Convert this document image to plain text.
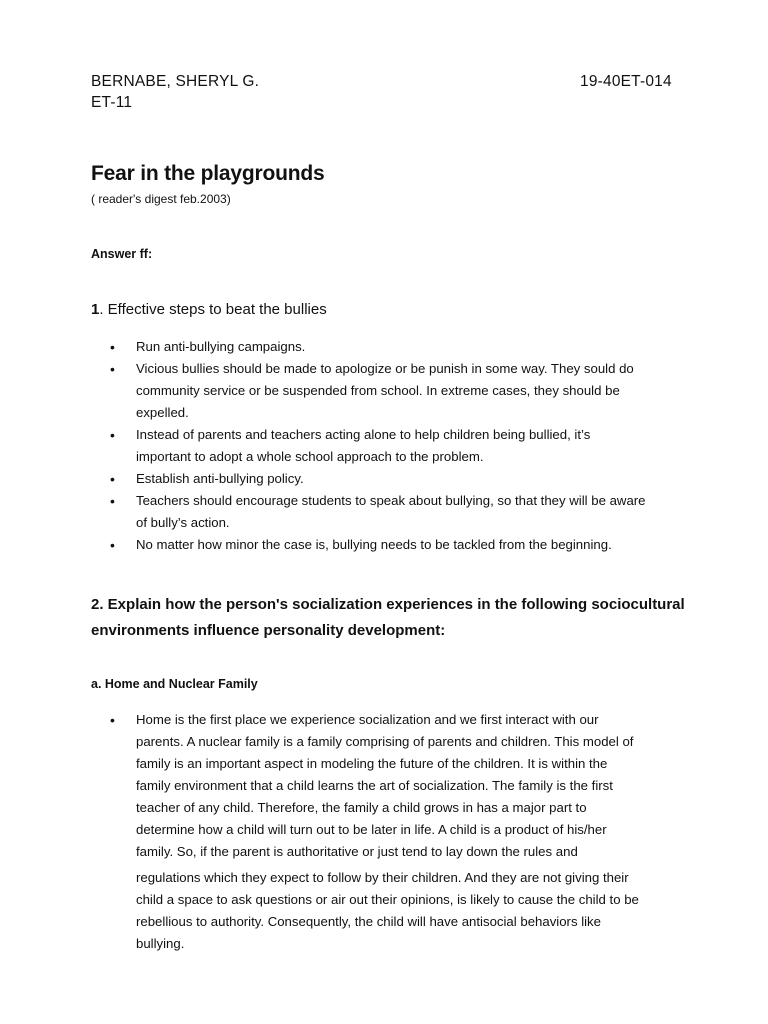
BERNABE, SHERYL G.	19-40ET-014
ET-11
Fear in the playgrounds
( reader's digest feb.2003)
Answer ff:
1. Effective steps to beat the bullies
• Run anti-bullying campaigns.
• Vicious bullies should be made to apologize or be punish in some way. They sould do
community service or be suspended from school. In extreme cases, they should be
expelled.
• Instead of parents and teachers acting alone to help children being bullied, it’s
important to adopt a whole school approach to the problem.
• Establish anti-bullying policy.
• Teachers should encourage students to speak about bullying, so that they will be aware
of bully’s action.
• No matter how minor the case is, bullying needs to be tackled from the beginning.
2. Explain how the person's socialization experiences in the following sociocultural
environments influence personality development:
a. Home and Nuclear Family
• Home is the first place we experience socialization and we first interact with our
parents. A nuclear family is a family comprising of parents and children. This model of
family is an important aspect in modeling the future of the children. It is within the
family environment that a child learns the art of socialization. The family is the first
teacher of any child. Therefore, the family a child grows in has a major part to
determine how a child will turn out to be later in life. A child is a product of his/her
family. So, if the parent is authoritative or just tend to lay down the rules and
regulations which they expect to follow by their children. And they are not giving their
child a space to ask questions or air out their opinions, is likely to cause the child to be
rebellious to authority. Consequently, the child will have antisocial behaviors like
bullying.
